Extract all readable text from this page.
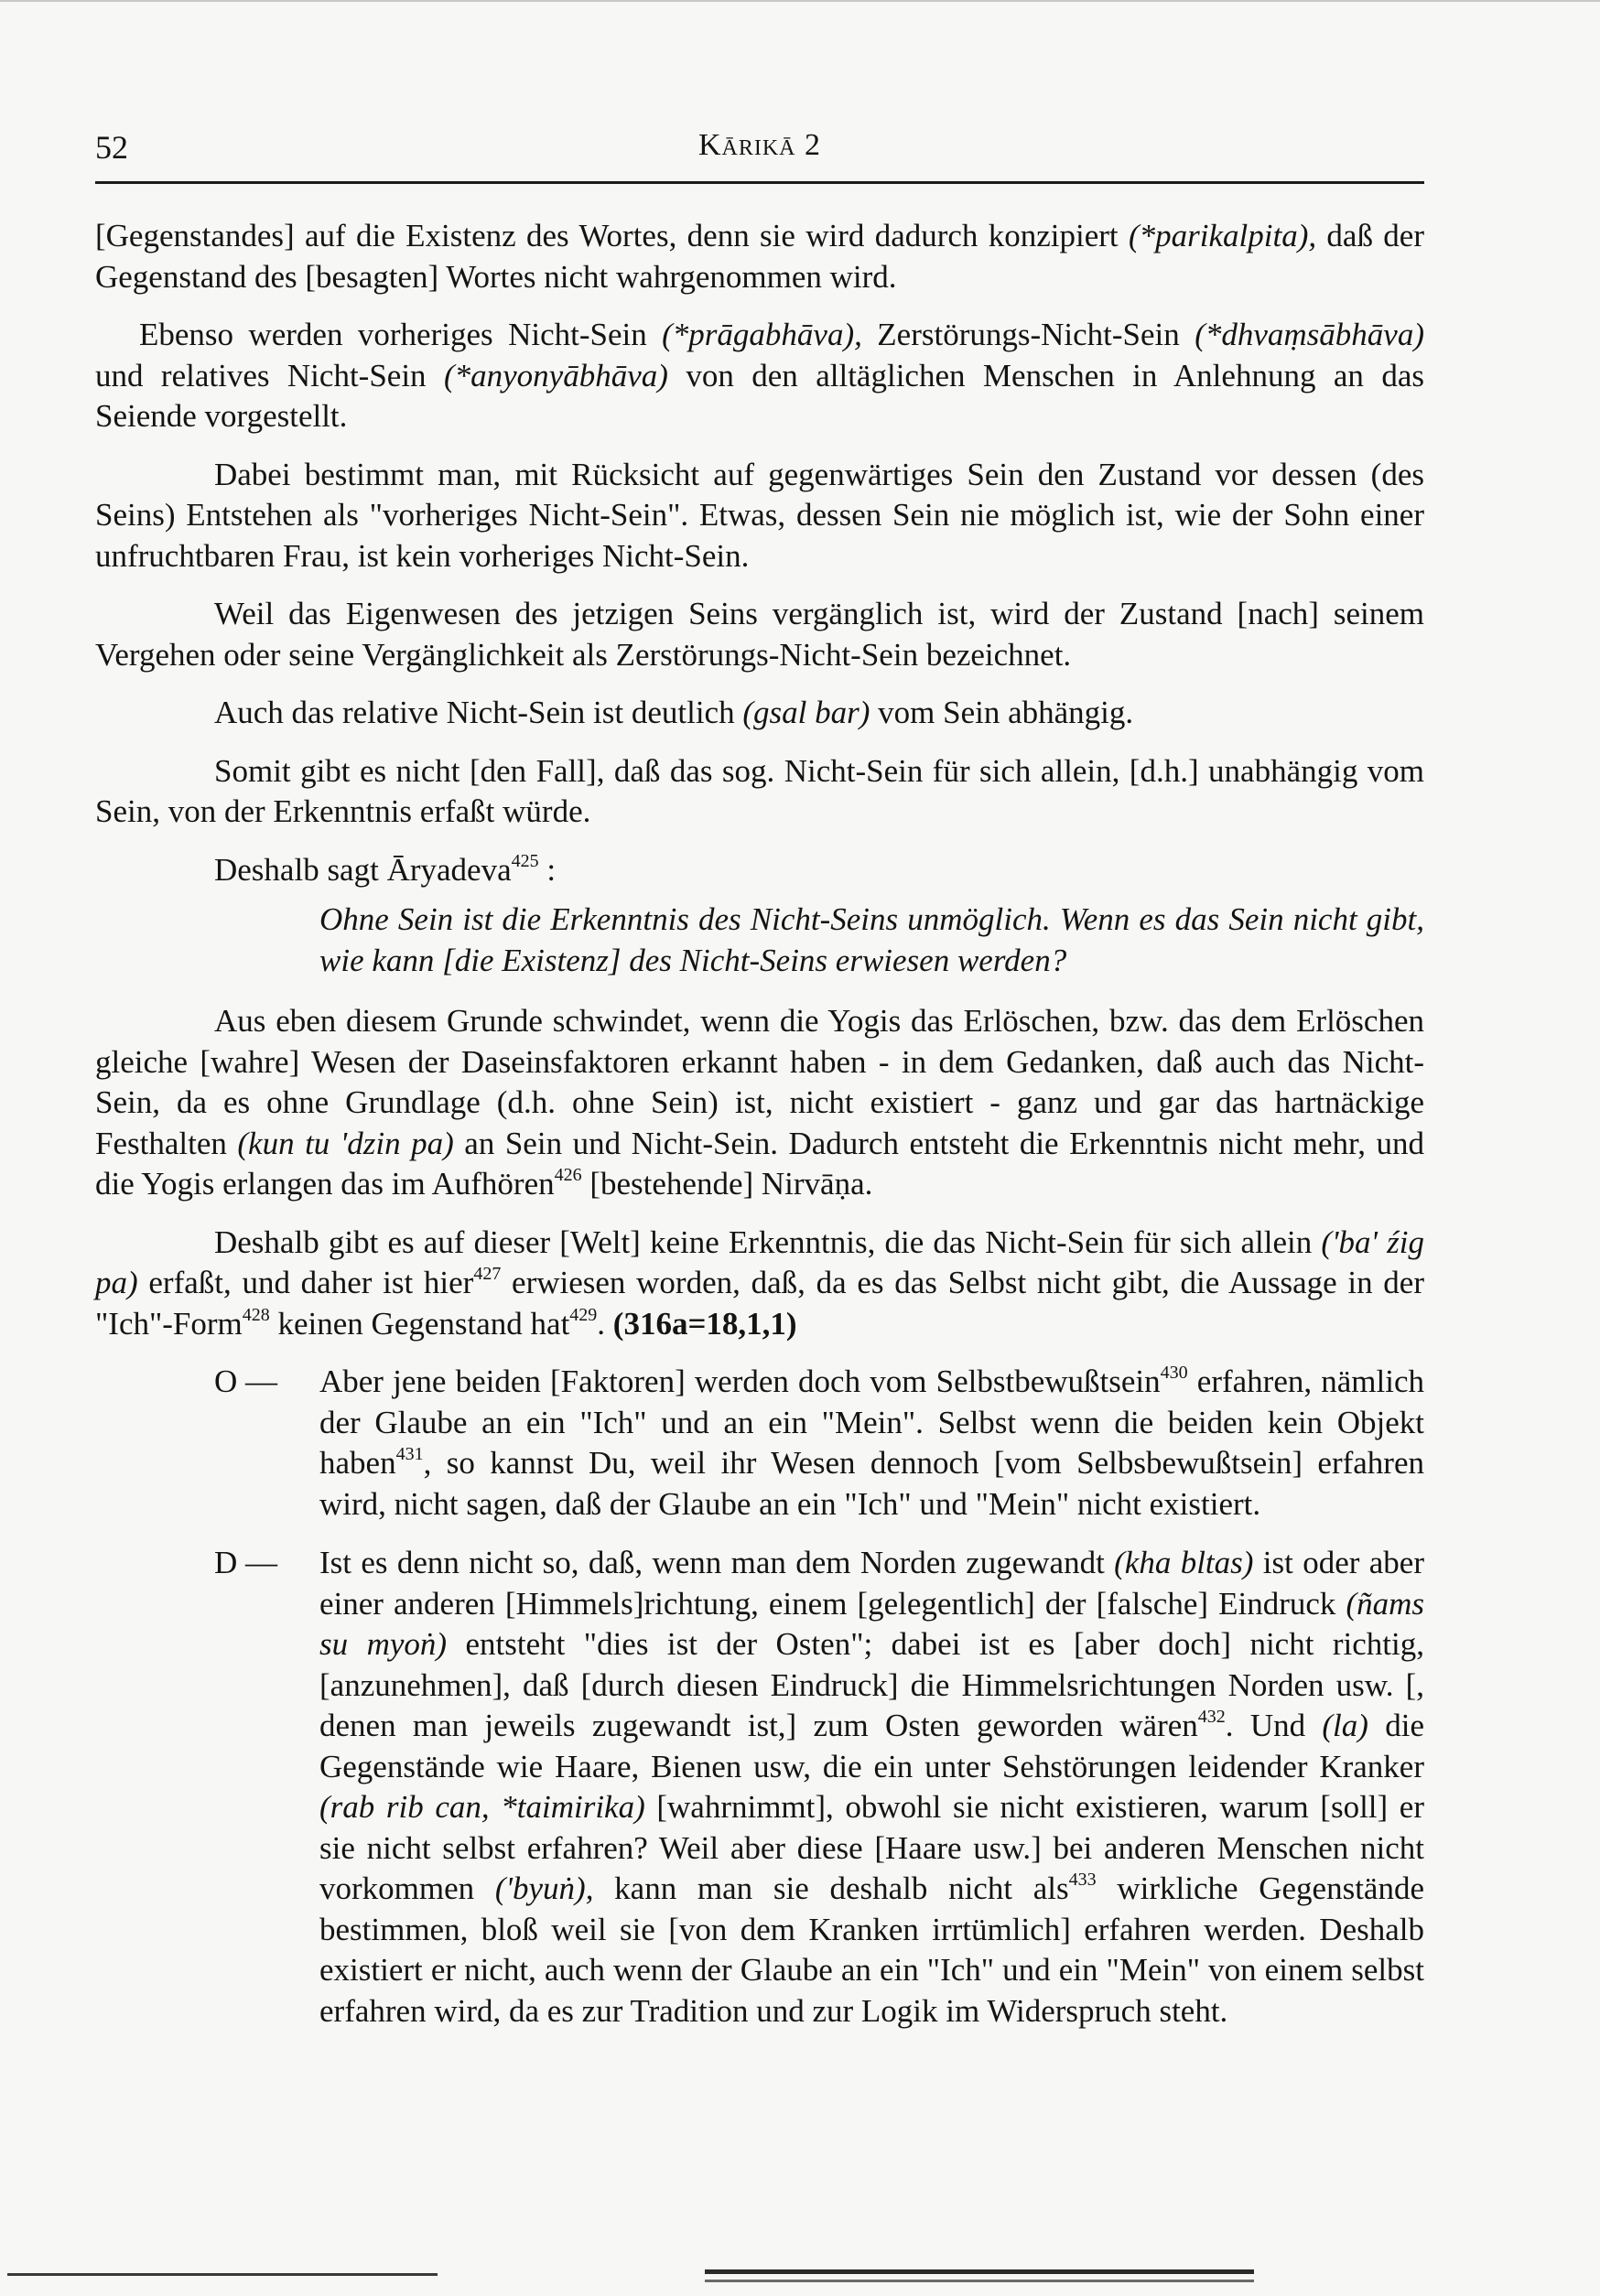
52	Kārikā 2

[Gegenstandes] auf die Existenz des Wortes, denn sie wird dadurch konzipiert (*parikalpita), daß der Gegenstand des [besagten] Wortes nicht wahrgenommen wird.

Ebenso werden vorheriges Nicht-Sein (*prāgabhāva), Zerstörungs-Nicht-Sein (*dhvaṃsābhāva) und relatives Nicht-Sein (*anyonyābhāva) von den alltäglichen Menschen in Anlehnung an das Seiende vorgestellt.

Dabei bestimmt man, mit Rücksicht auf gegenwärtiges Sein den Zustand vor dessen (des Seins) Entstehen als "vorheriges Nicht-Sein". Etwas, dessen Sein nie möglich ist, wie der Sohn einer unfruchtbaren Frau, ist kein vorheriges Nicht-Sein.

Weil das Eigenwesen des jetzigen Seins vergänglich ist, wird der Zustand [nach] seinem Vergehen oder seine Vergänglichkeit als Zerstörungs-Nicht-Sein bezeichnet.

Auch das relative Nicht-Sein ist deutlich (gsal bar) vom Sein abhängig.

Somit gibt es nicht [den Fall], daß das sog. Nicht-Sein für sich allein, [d.h.] unabhängig vom Sein, von der Erkenntnis erfaßt würde.

Deshalb sagt Āryadeva$^{425}$ :

Ohne Sein ist die Erkenntnis des Nicht-Seins unmöglich. Wenn es das Sein nicht gibt, wie kann [die Existenz] des Nicht-Seins erwiesen werden?

Aus eben diesem Grunde schwindet, wenn die Yogis das Erlöschen, bzw. das dem Erlöschen gleiche [wahre] Wesen der Daseinsfaktoren erkannt haben - in dem Gedanken, daß auch das Nicht-Sein, da es ohne Grundlage (d.h. ohne Sein) ist, nicht existiert - ganz und gar das hartnäckige Festhalten (kun tu 'dzin pa) an Sein und Nicht-Sein. Dadurch entsteht die Erkenntnis nicht mehr, und die Yogis erlangen das im Aufhören$^{426}$ [bestehende] Nirvāṇa.

Deshalb gibt es auf dieser [Welt] keine Erkenntnis, die das Nicht-Sein für sich allein ('ba' źig pa) erfaßt, und daher ist hier$^{427}$ erwiesen worden, daß, da es das Selbst nicht gibt, die Aussage in der "Ich"-Form$^{428}$ keinen Gegenstand hat$^{429}$. (316a=18,1,1)

O —	Aber jene beiden [Faktoren] werden doch vom Selbstbewußtsein$^{430}$ erfahren, nämlich der Glaube an ein "Ich" und an ein "Mein". Selbst wenn die beiden kein Objekt haben$^{431}$, so kannst Du, weil ihr Wesen dennoch [vom Selbsbewußtsein] erfahren wird, nicht sagen, daß der Glaube an ein "Ich" und "Mein" nicht existiert.
D —	Ist es denn nicht so, daß, wenn man dem Norden zugewandt (kha bltas) ist oder aber einer anderen [Himmels]richtung, einem [gelegentlich] der [falsche] Eindruck (ñams su myoṅ) entsteht "dies ist der Osten"; dabei ist es [aber doch] nicht richtig, [anzunehmen], daß [durch diesen Eindruck] die Himmelsrichtungen Norden usw. [, denen man jeweils zugewandt ist,] zum Osten geworden wären$^{432}$. Und (la) die Gegenstände wie Haare, Bienen usw, die ein unter Sehstörungen leidender Kranker (rab rib can, *taimirika) [wahrnimmt], obwohl sie nicht existieren, warum [soll] er sie nicht selbst erfahren? Weil aber diese [Haare usw.] bei anderen Menschen nicht vorkommen ('byuṅ), kann man sie deshalb nicht als$^{433}$ wirkliche Gegenstände bestimmen, bloß weil sie [von dem Kranken irrtümlich] erfahren werden. Deshalb existiert er nicht, auch wenn der Glaube an ein "Ich" und ein "Mein" von einem selbst erfahren wird, da es zur Tradition und zur Logik im Widerspruch steht.
